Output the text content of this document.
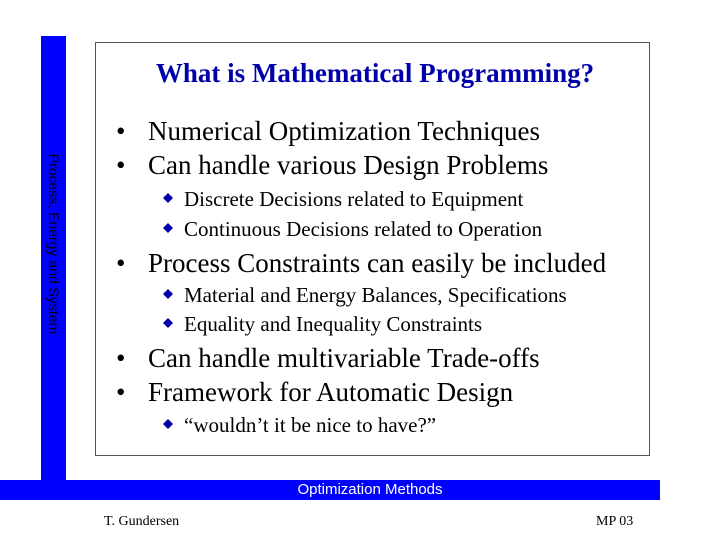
Process, Energy and System
What is Mathematical Programming?
• Numerical Optimization Techniques
• Can handle various Design Problems
Discrete Decisions related to Equipment
Continuous Decisions related to Operation
• Process Constraints can easily be included
Material and Energy Balances, Specifications
Equality and Inequality Constraints
• Can handle multivariable Trade-offs
• Framework for Automatic Design
“wouldn’t it be nice to have?”
Optimization Methods
T. Gundersen	MP 03
